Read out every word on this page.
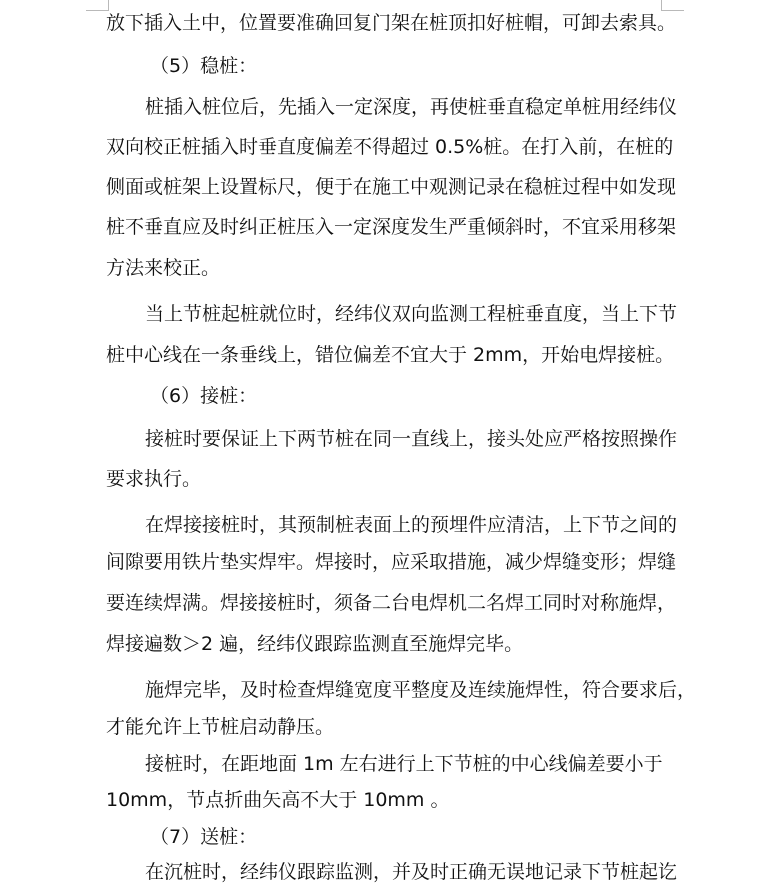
放下插入土中，位置要准确回复门架在桩顶扣好桩帽，可卸去索具。
（5）稳桩：
桩插入桩位后，先插入一定深度，再使桩垂直稳定单桩用经纬仪
双向校正桩插入时垂直度偏差不得超过 0.5%桩。在打入前，在桩的
侧面或桩架上设置标尺，便于在施工中观测记录在稳桩过程中如发现
桩不垂直应及时纠正桩压入一定深度发生严重倾斜时，不宜采用移架
方法来校正。
当上节桩起桩就位时，经纬仪双向监测工程桩垂直度，当上下节
桩中心线在一条垂线上，错位偏差不宜大于 2mm，开始电焊接桩。
（6）接桩：
接桩时要保证上下两节桩在同一直线上，接头处应严格按照操作
要求执行。
在焊接接桩时，其预制桩表面上的预埋件应清洁，上下节之间的
间隙要用铁片垫实焊牢。焊接时，应采取措施，减少焊缝变形；焊缝
要连续焊满。焊接接桩时，须备二台电焊机二名焊工同时对称施焊，
焊接遍数＞2 遍，经纬仪跟踪监测直至施焊完毕。
施焊完毕，及时检查焊缝宽度平整度及连续施焊性，符合要求后，
才能允许上节桩启动静压。
接桩时，在距地面 1m 左右进行上下节桩的中心线偏差要小于
10mm，节点折曲矢高不大于 10mm 。
（7）送桩：
在沉桩时，经纬仪跟踪监测，并及时正确无误地记录下节桩起讫
